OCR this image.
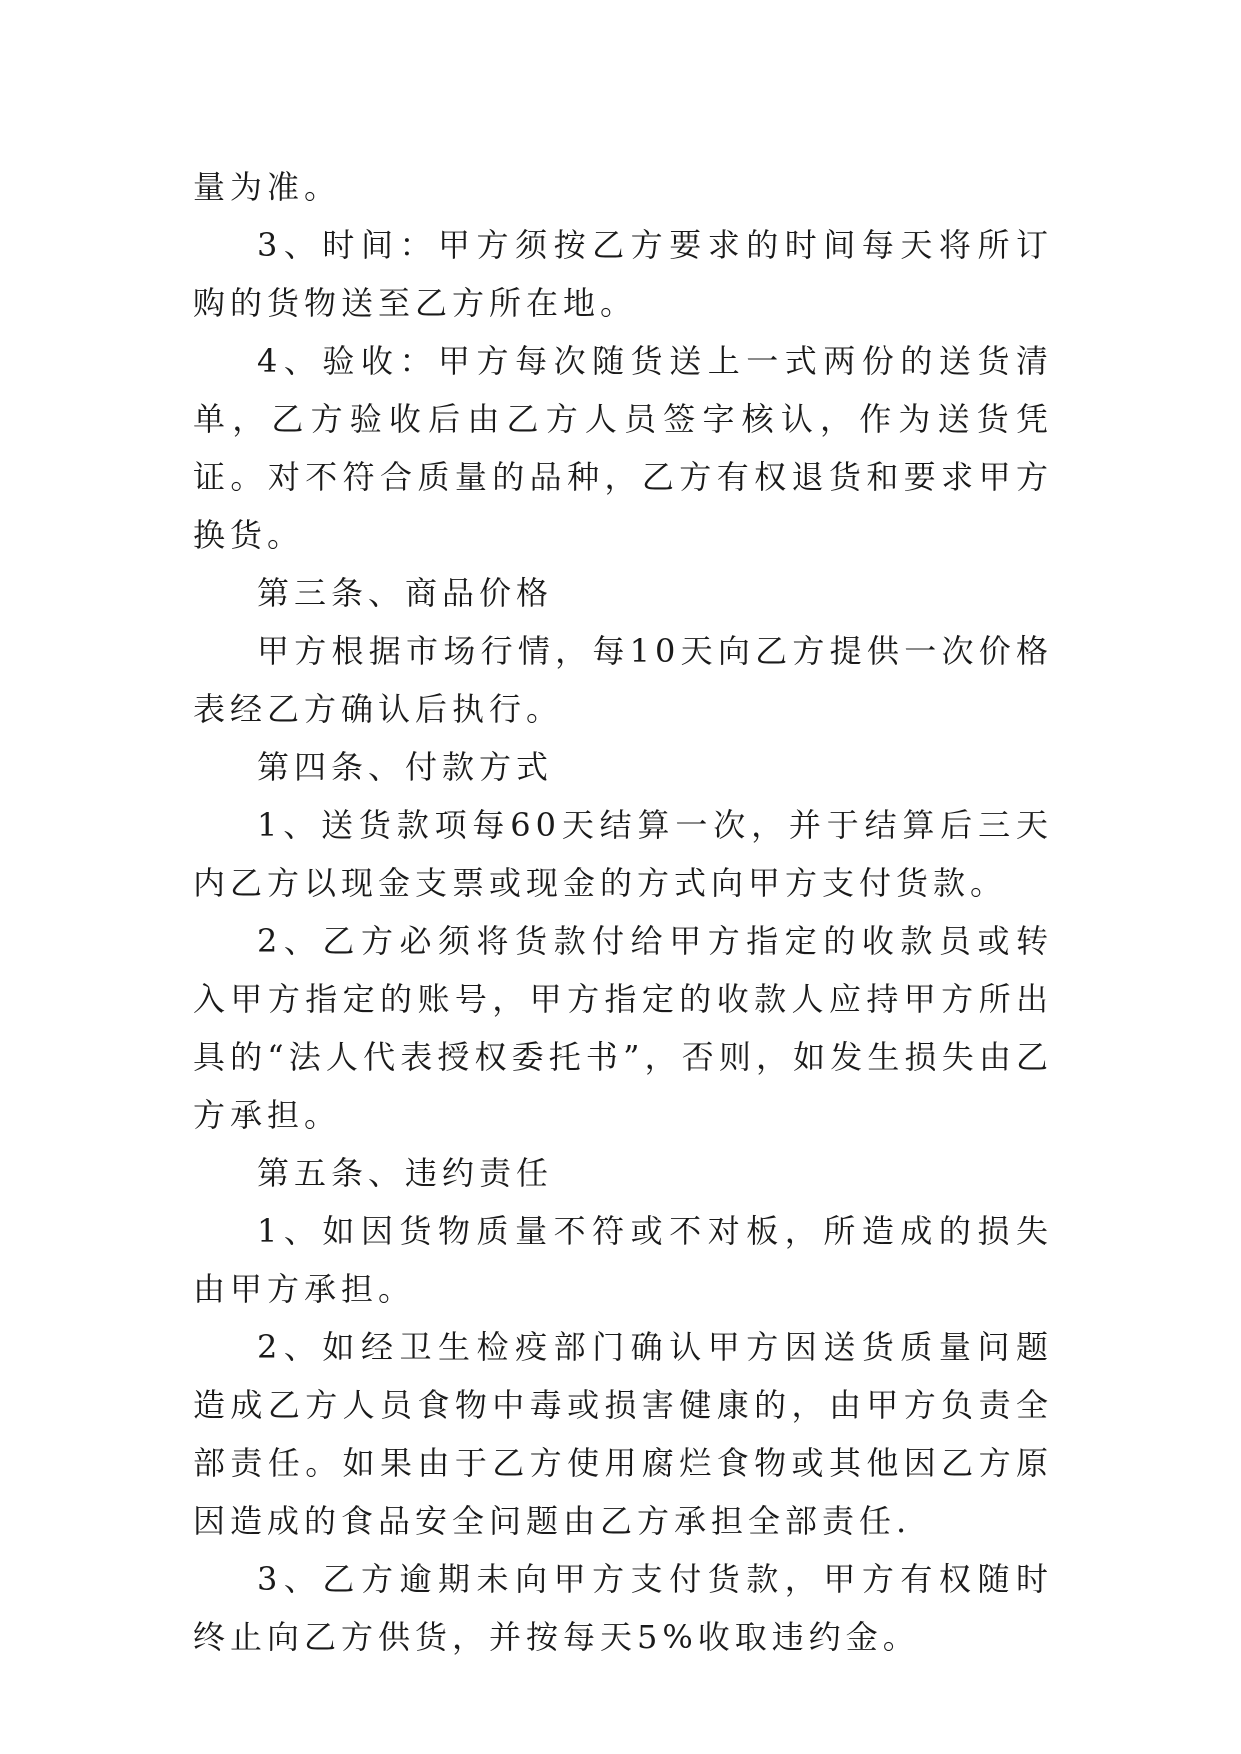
量为准。

3、时间：甲方须按乙方要求的时间每天将所订购的货物送至乙方所在地。

4、验收：甲方每次随货送上一式两份的送货清单，乙方验收后由乙方人员签字核认，作为送货凭证。对不符合质量的品种，乙方有权退货和要求甲方换货。

第三条、商品价格

甲方根据市场行情，每10天向乙方提供一次价格表经乙方确认后执行。

第四条、付款方式

1、送货款项每60天结算一次，并于结算后三天内乙方以现金支票或现金的方式向甲方支付货款。

2、乙方必须将货款付给甲方指定的收款员或转入甲方指定的账号，甲方指定的收款人应持甲方所出具的“法人代表授权委托书”，否则，如发生损失由乙方承担。

第五条、违约责任

1、如因货物质量不符或不对板，所造成的损失由甲方承担。

2、如经卫生检疫部门确认甲方因送货质量问题造成乙方人员食物中毒或损害健康的，由甲方负责全部责任。如果由于乙方使用腐烂食物或其他因乙方原因造成的食品安全问题由乙方承担全部责任.

3、乙方逾期未向甲方支付货款，甲方有权随时终止向乙方供货，并按每天5%收取违约金。
